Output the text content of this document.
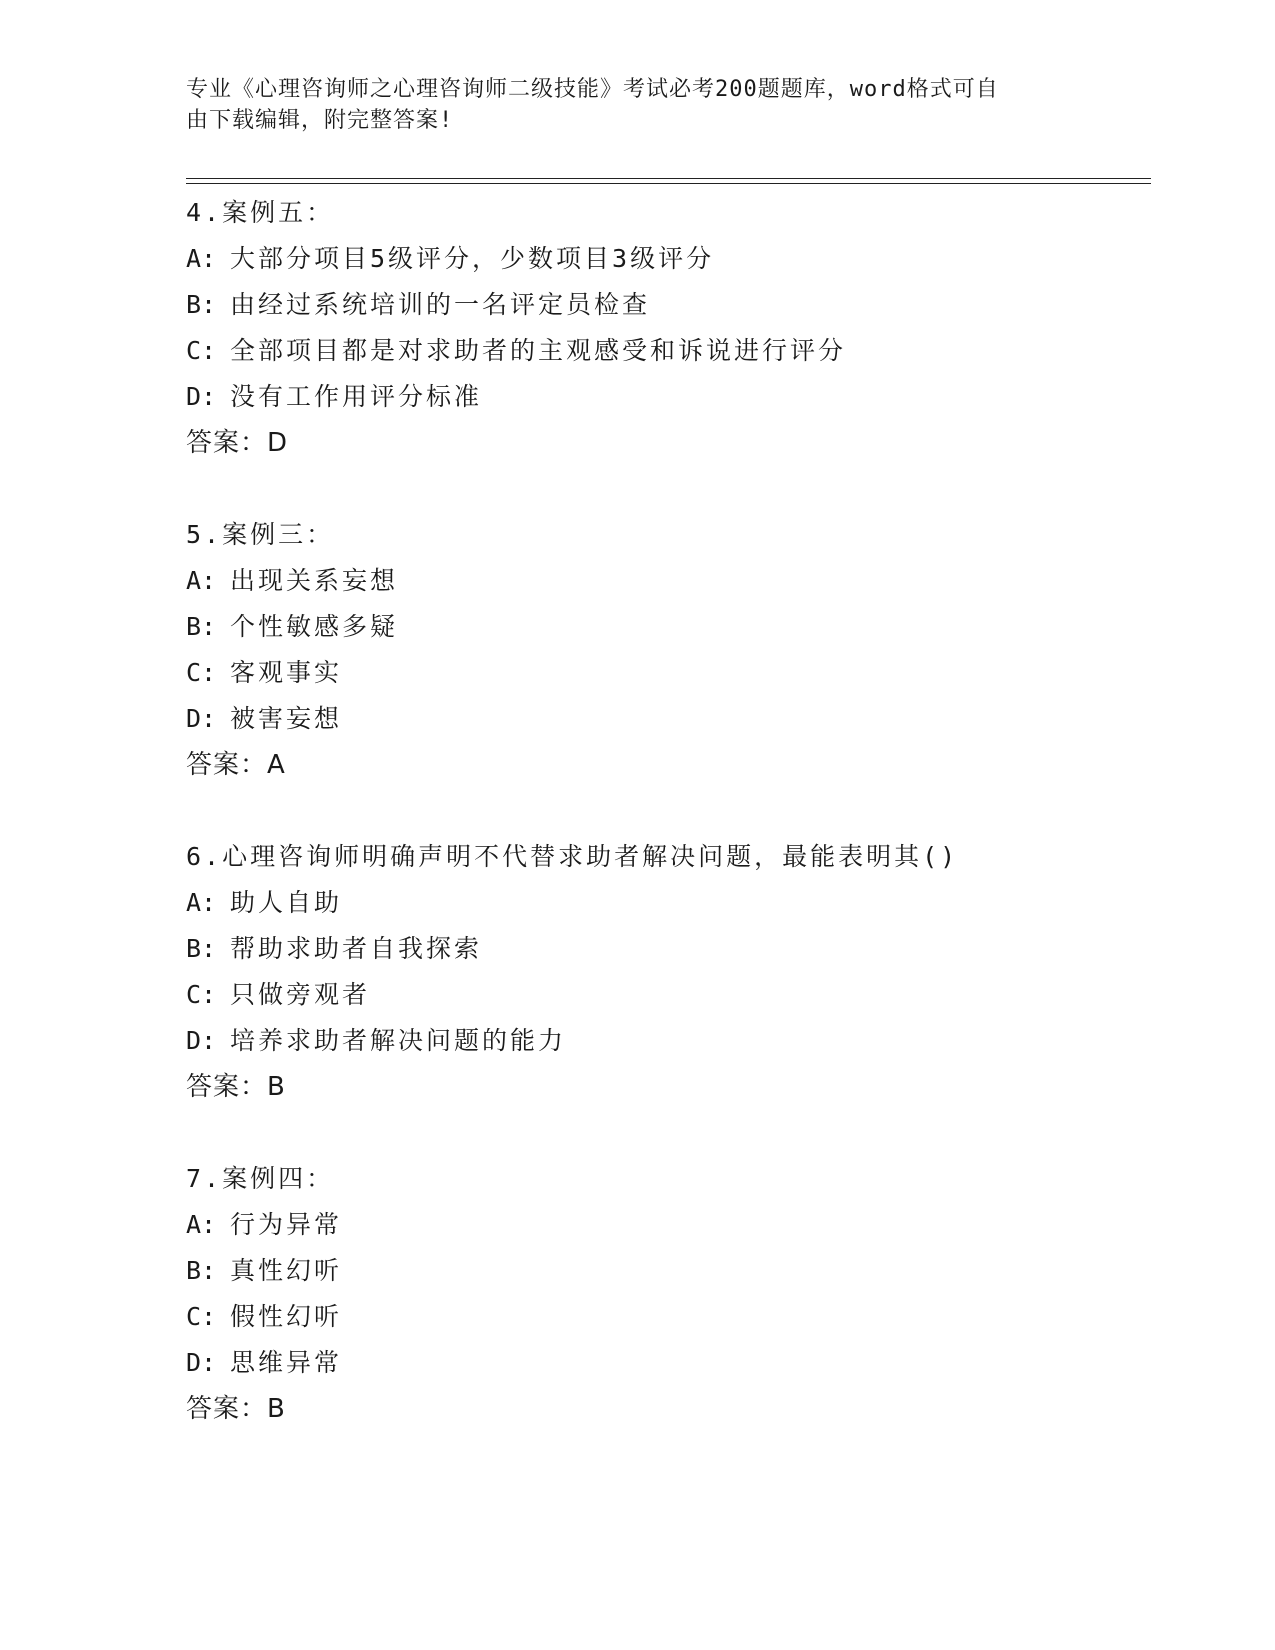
专业《心理咨询师之心理咨询师二级技能》考试必考200题题库，word格式可自
由下载编辑，附完整答案!
4.案例五：
A: 大部分项目5级评分，少数项目3级评分
B: 由经过系统培训的一名评定员检查
C: 全部项目都是对求助者的主观感受和诉说进行评分
D: 没有工作用评分标准
答案：D
5.案例三：
A: 出现关系妄想
B: 个性敏感多疑
C: 客观事实
D: 被害妄想
答案：A
6.心理咨询师明确声明不代替求助者解决问题，最能表明其()
A: 助人自助
B: 帮助求助者自我探索
C: 只做旁观者
D: 培养求助者解决问题的能力
答案：B
7.案例四：
A: 行为异常
B: 真性幻听
C: 假性幻听
D: 思维异常
答案：B
